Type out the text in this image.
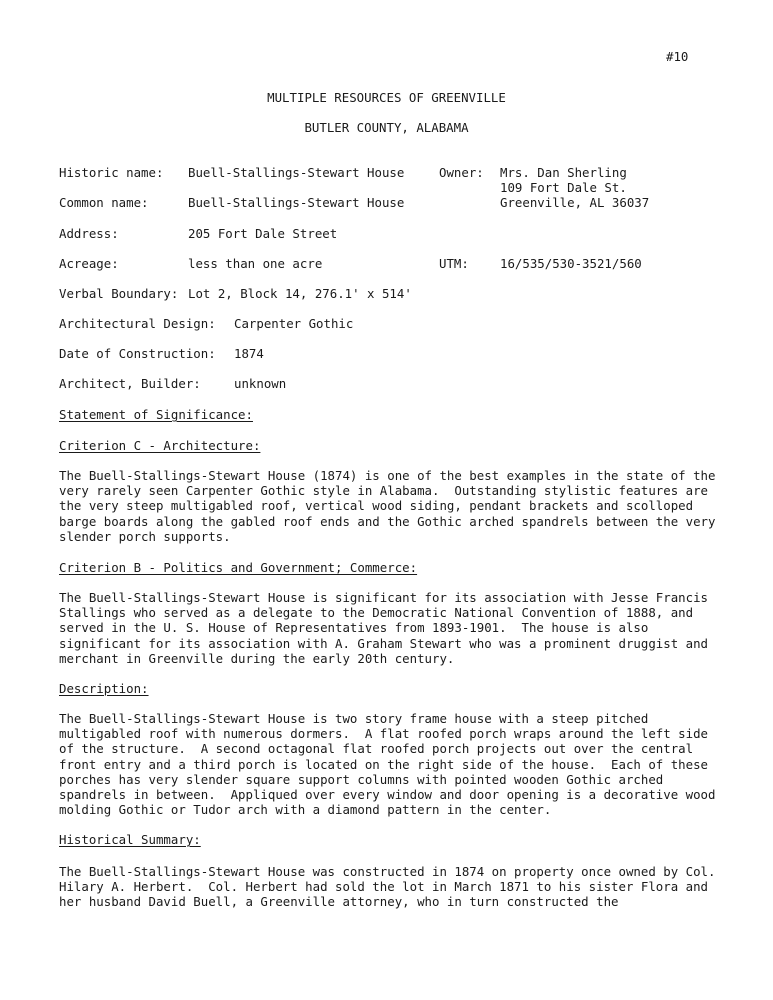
#10
MULTIPLE RESOURCES OF GREENVILLE
BUTLER COUNTY, ALABAMA
Historic name: Buell-Stallings-Stewart House	Owner: Mrs. Dan Sherling
109 Fort Dale St.
Greenville, AL 36037
Common name:	Buell-Stallings-Stewart House
Address:	205 Fort Dale Street
Acreage:	less than one acre	UTM:	16/535/530-3521/560
Verbal Boundary: Lot 2, Block 14, 276.1' x 514'
Architectural Design: Carpenter Gothic
Date of Construction: 1874
Architect, Builder:	unknown
Statement of Significance:
Criterion C - Architecture:
The Buell-Stallings-Stewart House (1874) is one of the best examples in the state of the
very rarely seen Carpenter Gothic style in Alabama.  Outstanding stylistic features are
the very steep multigabled roof, vertical wood siding, pendant brackets and scolloped
barge boards along the gabled roof ends and the Gothic arched spandrels between the very
slender porch supports.
Criterion B - Politics and Government; Commerce:
The Buell-Stallings-Stewart House is significant for its association with Jesse Francis
Stallings who served as a delegate to the Democratic National Convention of 1888, and
served in the U. S. House of Representatives from 1893-1901.  The house is also
significant for its association with A. Graham Stewart who was a prominent druggist and
merchant in Greenville during the early 20th century.
Description:
The Buell-Stallings-Stewart House is two story frame house with a steep pitched
multigabled roof with numerous dormers.  A flat roofed porch wraps around the left side
of the structure.  A second octagonal flat roofed porch projects out over the central
front entry and a third porch is located on the right side of the house.  Each of these
porches has very slender square support columns with pointed wooden Gothic arched
spandrels in between.  Appliqued over every window and door opening is a decorative wood
molding Gothic or Tudor arch with a diamond pattern in the center.
Historical Summary:
The Buell-Stallings-Stewart House was constructed in 1874 on property once owned by Col.
Hilary A. Herbert.  Col. Herbert had sold the lot in March 1871 to his sister Flora and
her husband David Buell, a Greenville attorney, who in turn constructed the
